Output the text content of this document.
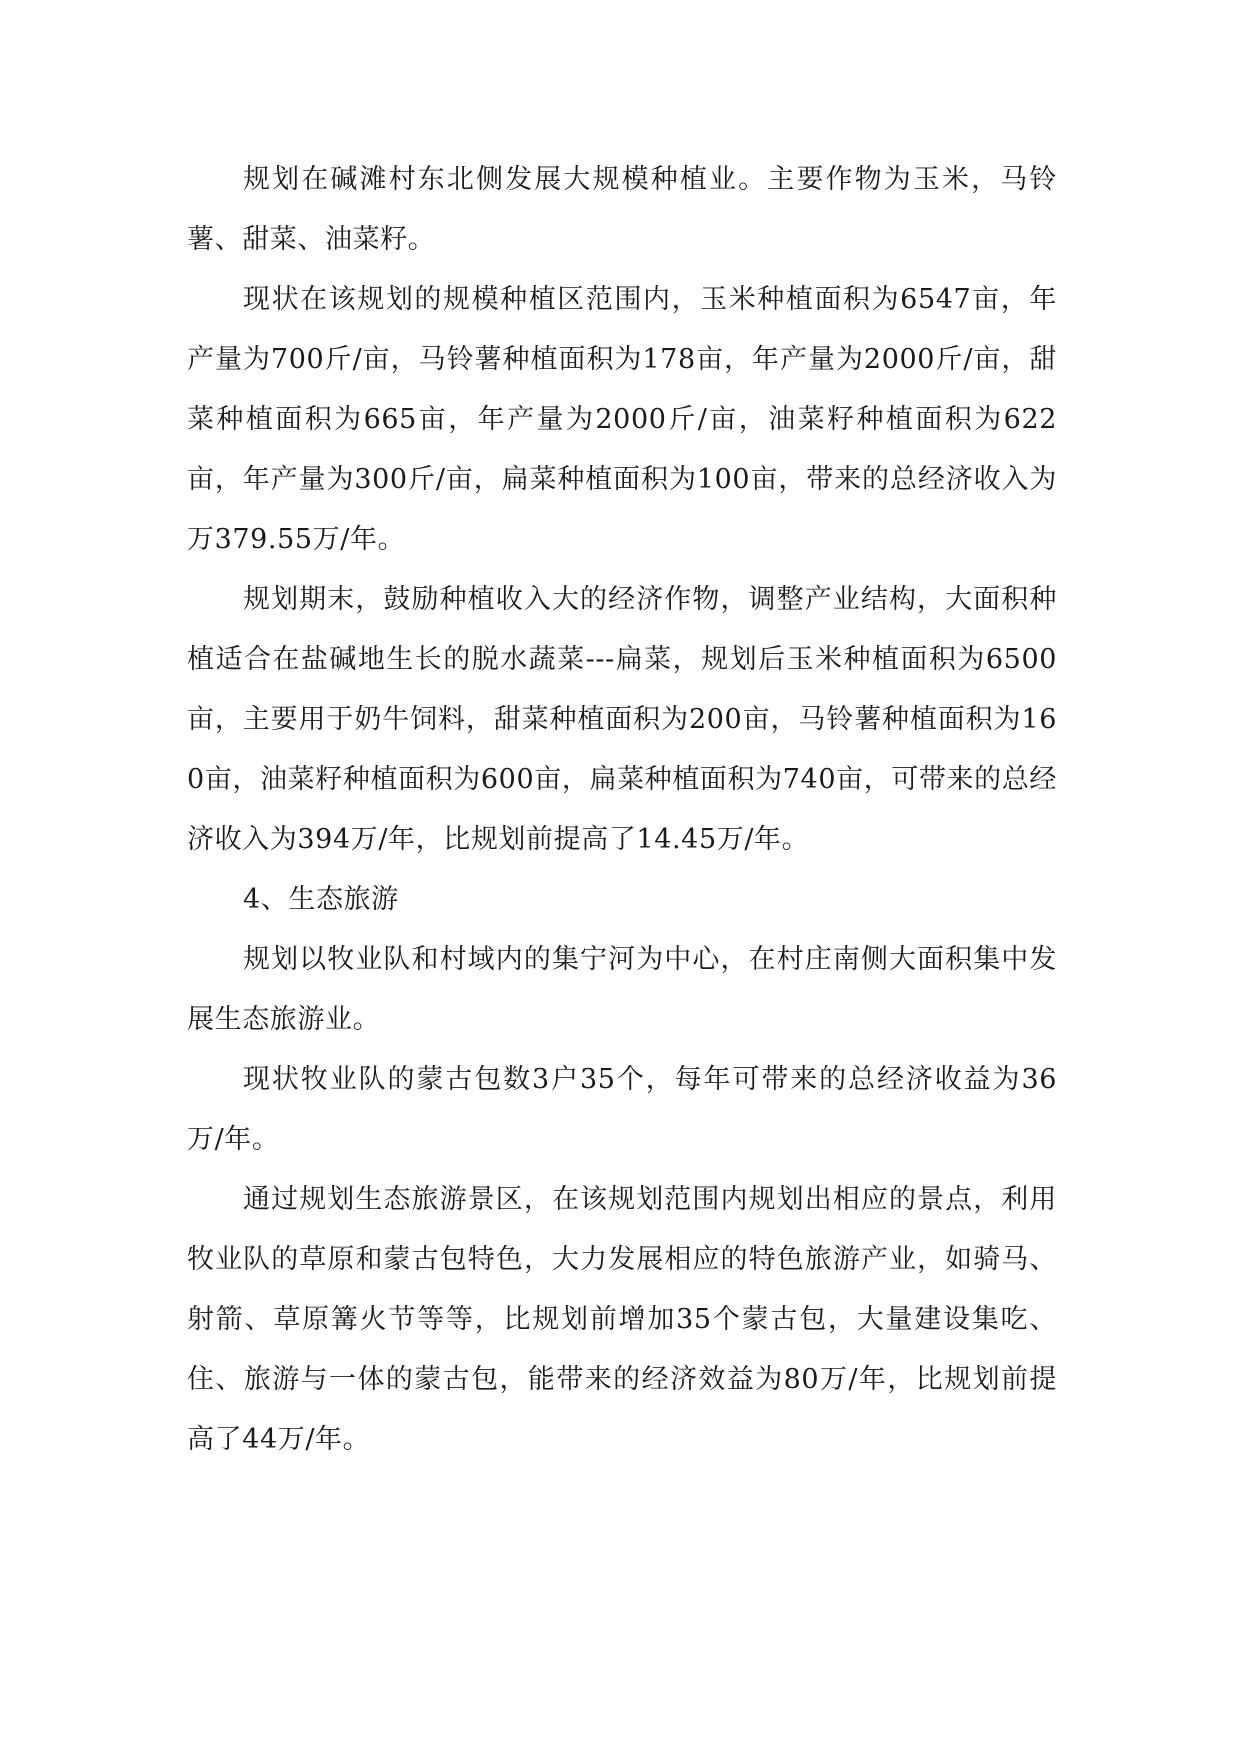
规划在碱滩村东北侧发展大规模种植业。主要作物为玉米，马铃薯、甜菜、油菜籽。

现状在该规划的规模种植区范围内，玉米种植面积为6547亩，年产量为700斤/亩，马铃薯种植面积为178亩，年产量为2000斤/亩，甜菜种植面积为665亩，年产量为2000斤/亩，油菜籽种植面积为622亩，年产量为300斤/亩，扁菜种植面积为100亩，带来的总经济收入为万379.55万/年。

规划期末，鼓励种植收入大的经济作物，调整产业结构，大面积种植适合在盐碱地生长的脱水蔬菜---扁菜，规划后玉米种植面积为6500亩，主要用于奶牛饲料，甜菜种植面积为200亩，马铃薯种植面积为160亩，油菜籽种植面积为600亩，扁菜种植面积为740亩，可带来的总经济收入为394万/年，比规划前提高了14.45万/年。

4、生态旅游

规划以牧业队和村域内的集宁河为中心，在村庄南侧大面积集中发展生态旅游业。

现状牧业队的蒙古包数3户35个，每年可带来的总经济收益为36万/年。

通过规划生态旅游景区，在该规划范围内规划出相应的景点，利用牧业队的草原和蒙古包特色，大力发展相应的特色旅游产业，如骑马、射箭、草原篝火节等等，比规划前增加35个蒙古包，大量建设集吃、住、旅游与一体的蒙古包，能带来的经济效益为80万/年，比规划前提高了44万/年。
